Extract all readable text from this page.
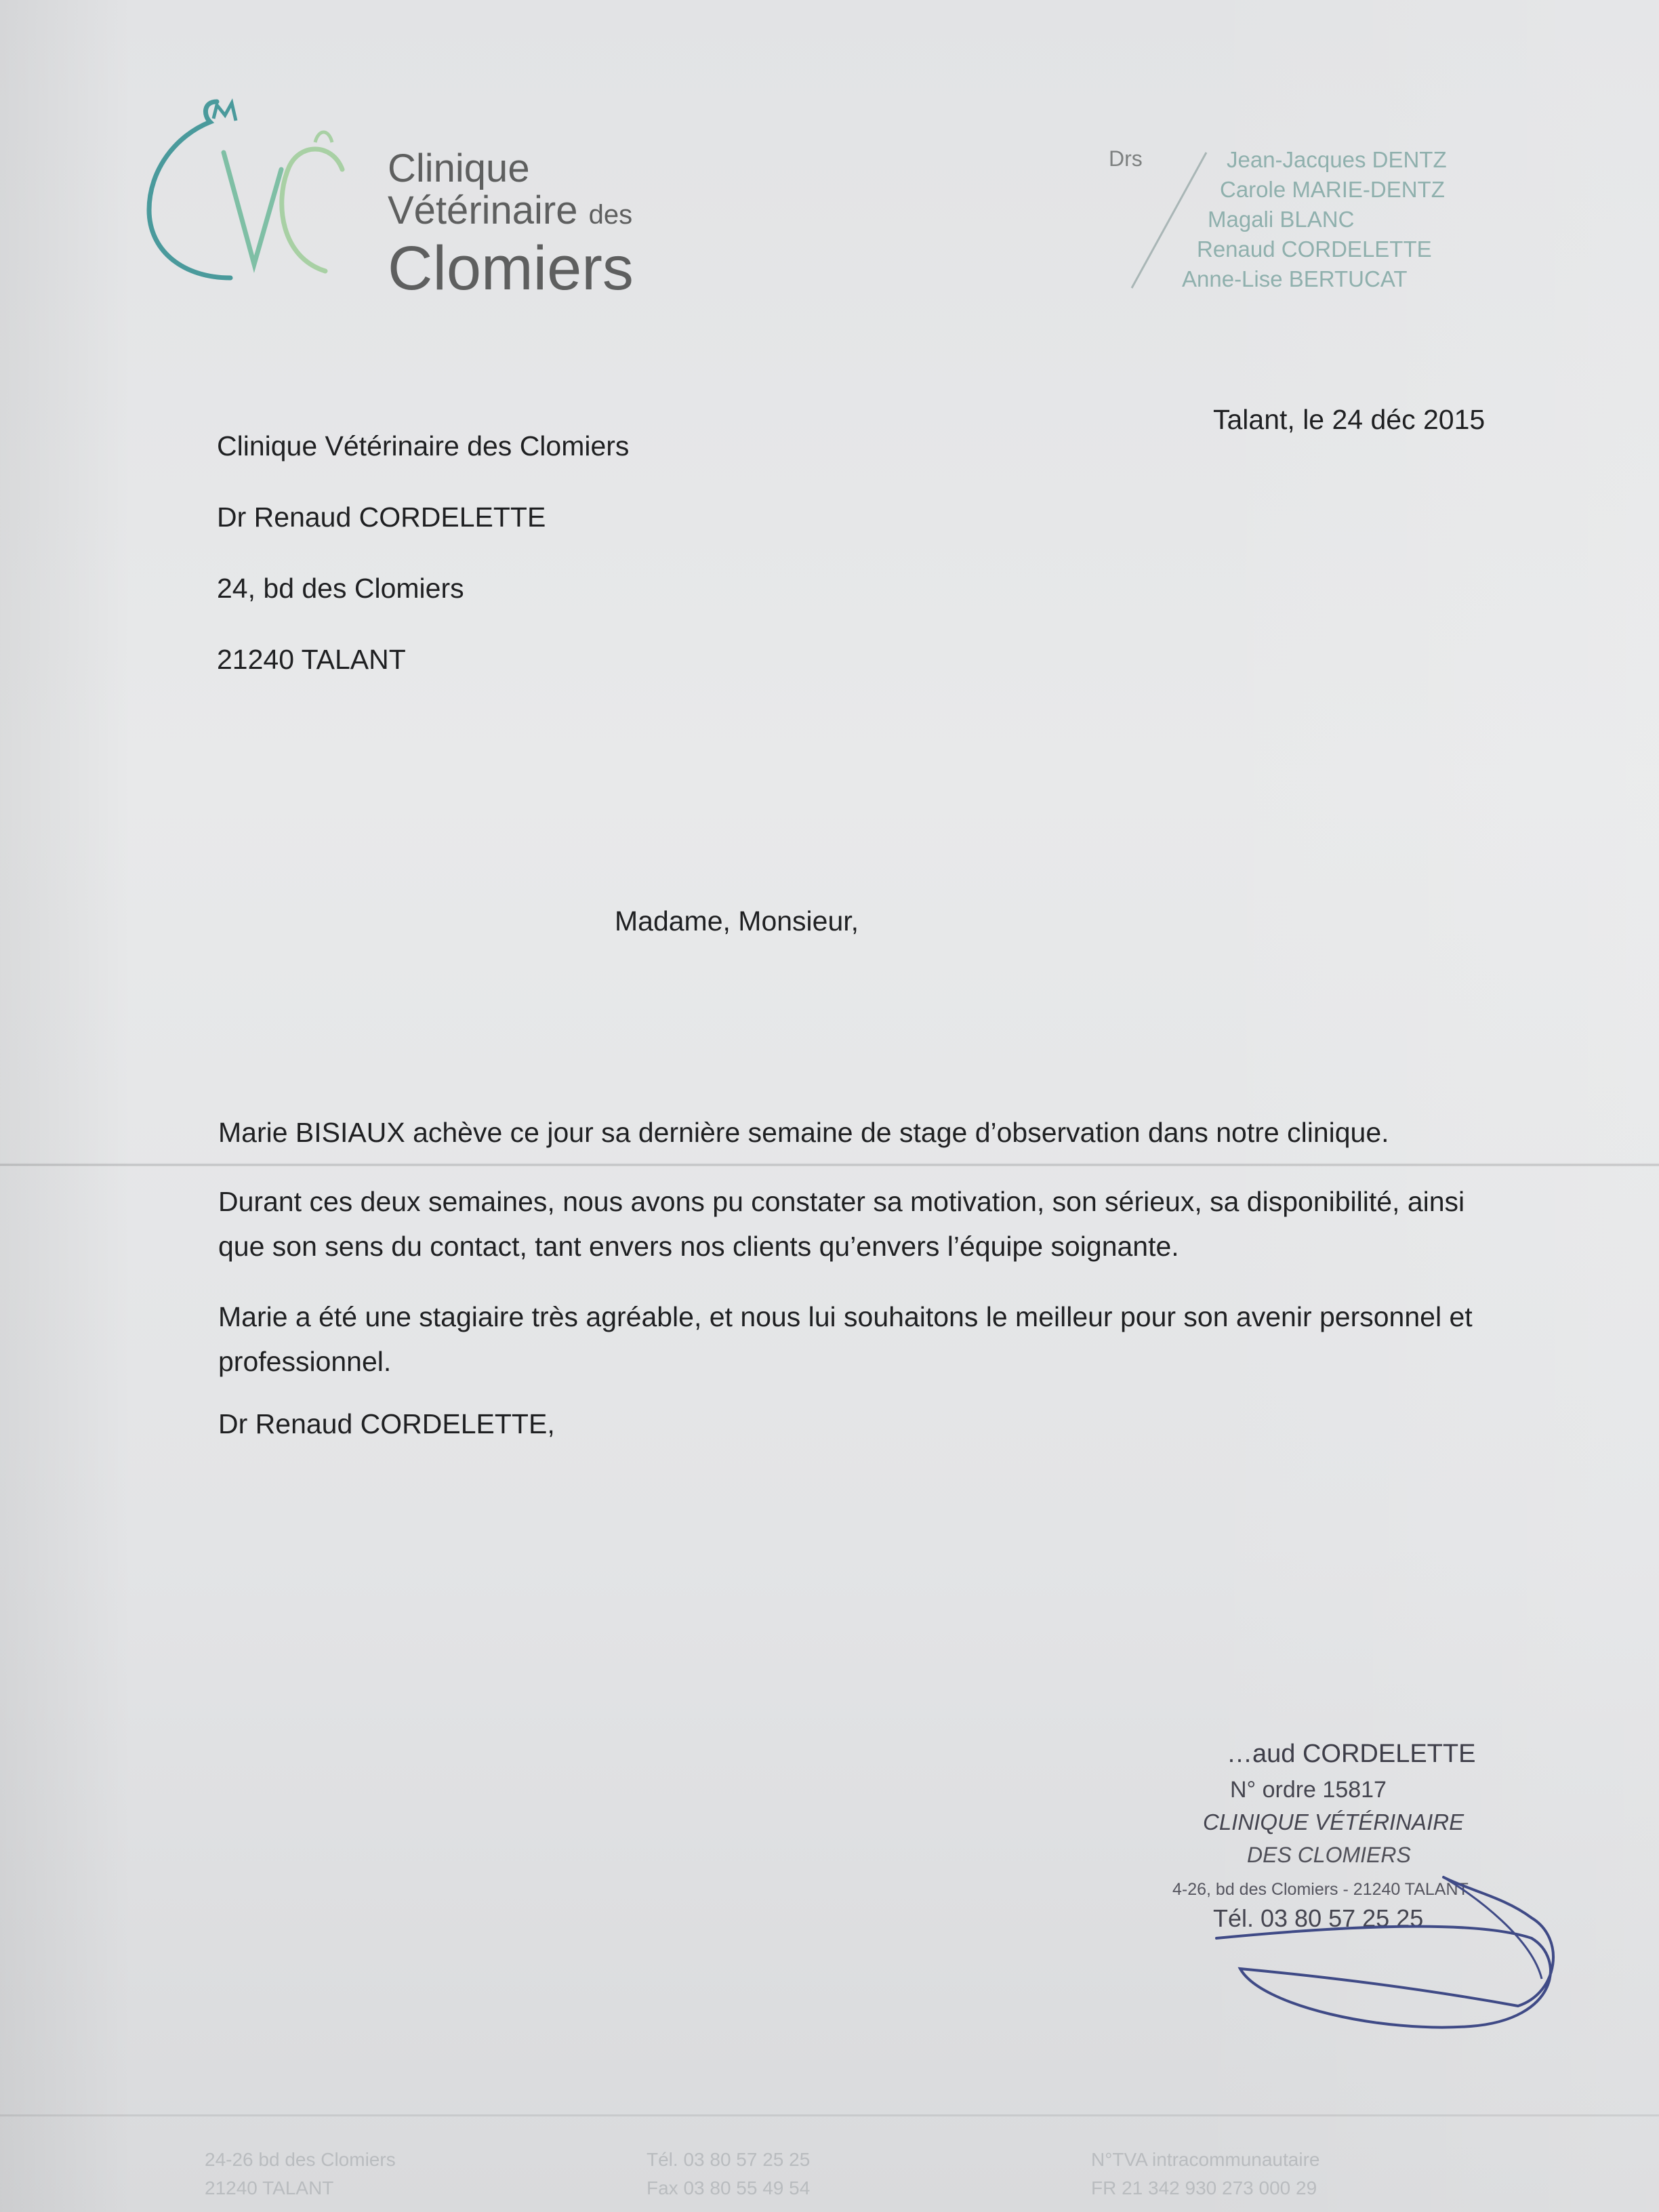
Clinique
Vétérinaire des
Clomiers
Drs	Jean-Jacques DENTZ
Carole MARIE-DENTZ
Magali BLANC
Renaud CORDELETTE
Anne-Lise BERTUCAT
Clinique Vétérinaire des Clomiers
Dr Renaud CORDELETTE
24, bd des Clomiers
21240 TALANT
Talant, le 24 déc 2015
Madame, Monsieur,
Marie BISIAUX achève ce jour sa dernière semaine de stage d’observation dans notre clinique.
Durant ces deux semaines, nous avons pu constater sa motivation, son sérieux, sa disponibilité, ainsi que son sens du contact, tant envers nos clients qu’envers l’équipe soignante.
Marie a été une stagiaire très agréable, et nous lui souhaitons le meilleur pour son avenir personnel et professionnel.
Dr Renaud CORDELETTE,
…aud CORDELETTE
N° ordre 15817
CLINIQUE VÉTÉRINAIRE
DES CLOMIERS
4-26, bd des Clomiers - 21240 TALANT
Tél. 03 80 57 25 25
24-26 bd des Clomiers
21240 TALANT
Tél. 03 80 57 25 25
Fax 03 80 55 49 54
N°TVA intracommunautaire
FR 21 342 930 273 000 29
